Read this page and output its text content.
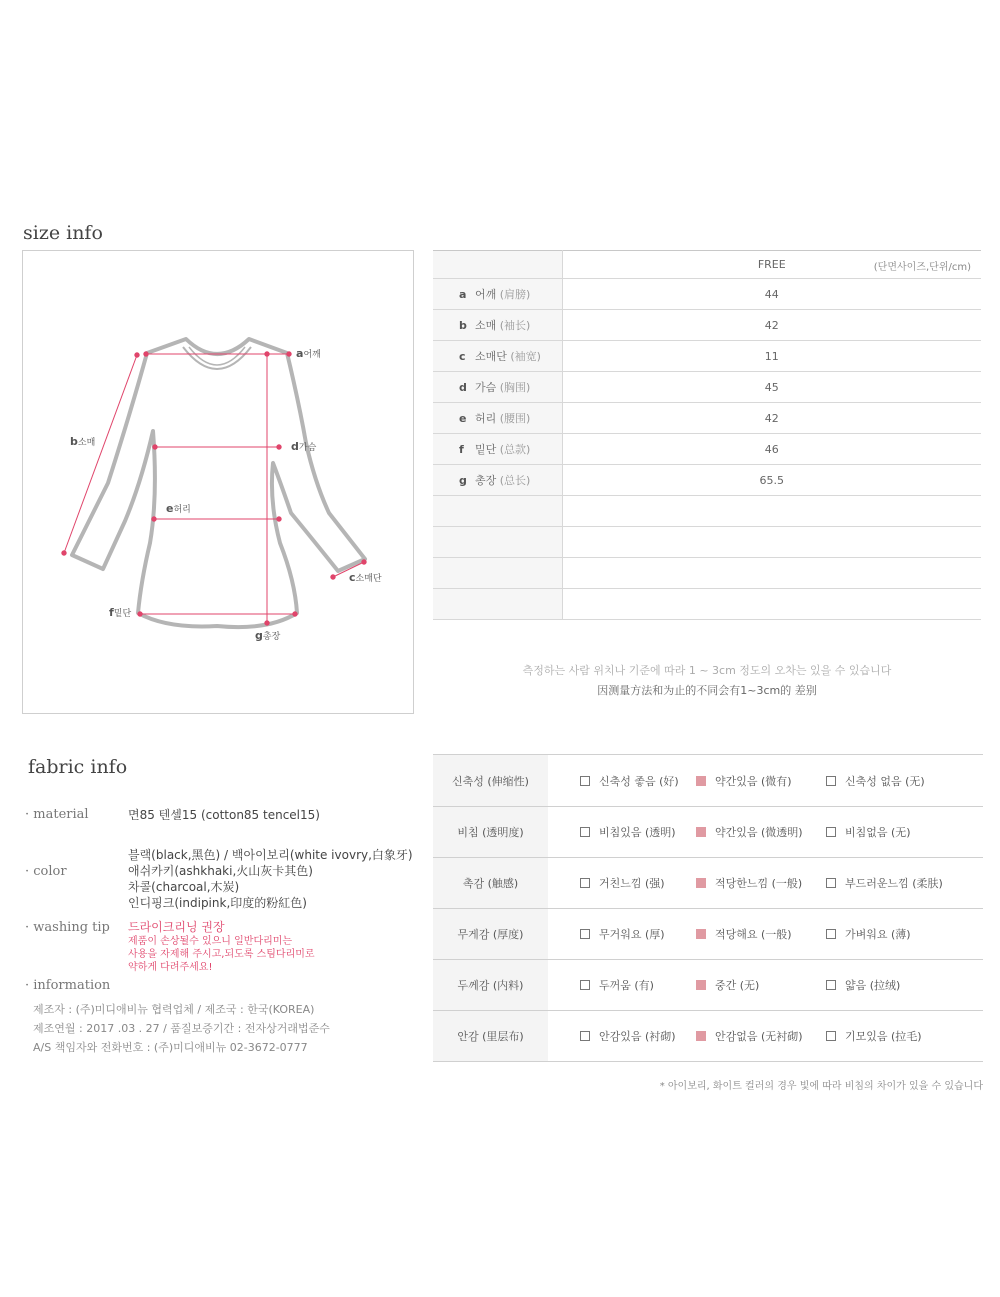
size info
a어깨
b소매
c소매단
d가슴
e허리
f밑단
g총장
	FREE (단면사이즈,단위/cm)

a 어깨 (肩膀)	44
b 소매 (袖长)	42
c 소매단 (袖宽)	11
d 가슴 (胸围)	45
e 허리 (腰围)	42
f 밑단 (总款)	46
g 총장 (总长)	65.5

측정하는 사람 위치나 기준에 따라 1 ~ 3cm 정도의 오차는 있을 수 있습니다
因测量方法和为止的不同会有1~3cm的 差别
fabric info
· material	면85 텐셀15 (cotton85 tencel15)
· color
블랙(black,黑色) / 백아이보리(white ivovry,白象牙)
애쉬카키(ashkhaki,火山灰卡其色)
차콜(charcoal,木炭)
인디핑크(indipink,印度的粉紅色)
· washing tip 드라이크리닝 권장
제품이 손상될수 있으니 일반다리미는
사용을 자제해 주시고,되도록 스팀다리미로
약하게 다려주세요!
· information
제조자 : (주)미디애비뉴 협력업체 / 제조국 : 한국(KOREA)
제조연월 : 2017 .03 . 27 / 품질보증기간 : 전자상거래법준수
A/S 책임자와 전화번호 : (주)미디애비뉴 02-3672-0777
신축성 (伸缩性)	신축성 좋음 (好) 약간있음 (微有) 신축성 없음 (无)

비침 (透明度)	비침있음 (透明) 약간있음 (微透明) 비침없음 (无)

촉감 (触感)	거친느낌 (强) 적당한느낌 (一般) 부드러운느낌 (柔肤)

무게감 (厚度)	무거워요 (厚) 적당해요 (一般) 가벼워요 (薄)

두께감 (内料)	두꺼움 (有) 중간 (无) 얇음 (拉绒)

안감 (里层布)	안감있음 (衬砌) 안감없음 (无衬砌) 기모있음 (拉毛)
* 아이보리, 화이트 컬러의 경우 빛에 따라 비침의 차이가 있을 수 있습니다
